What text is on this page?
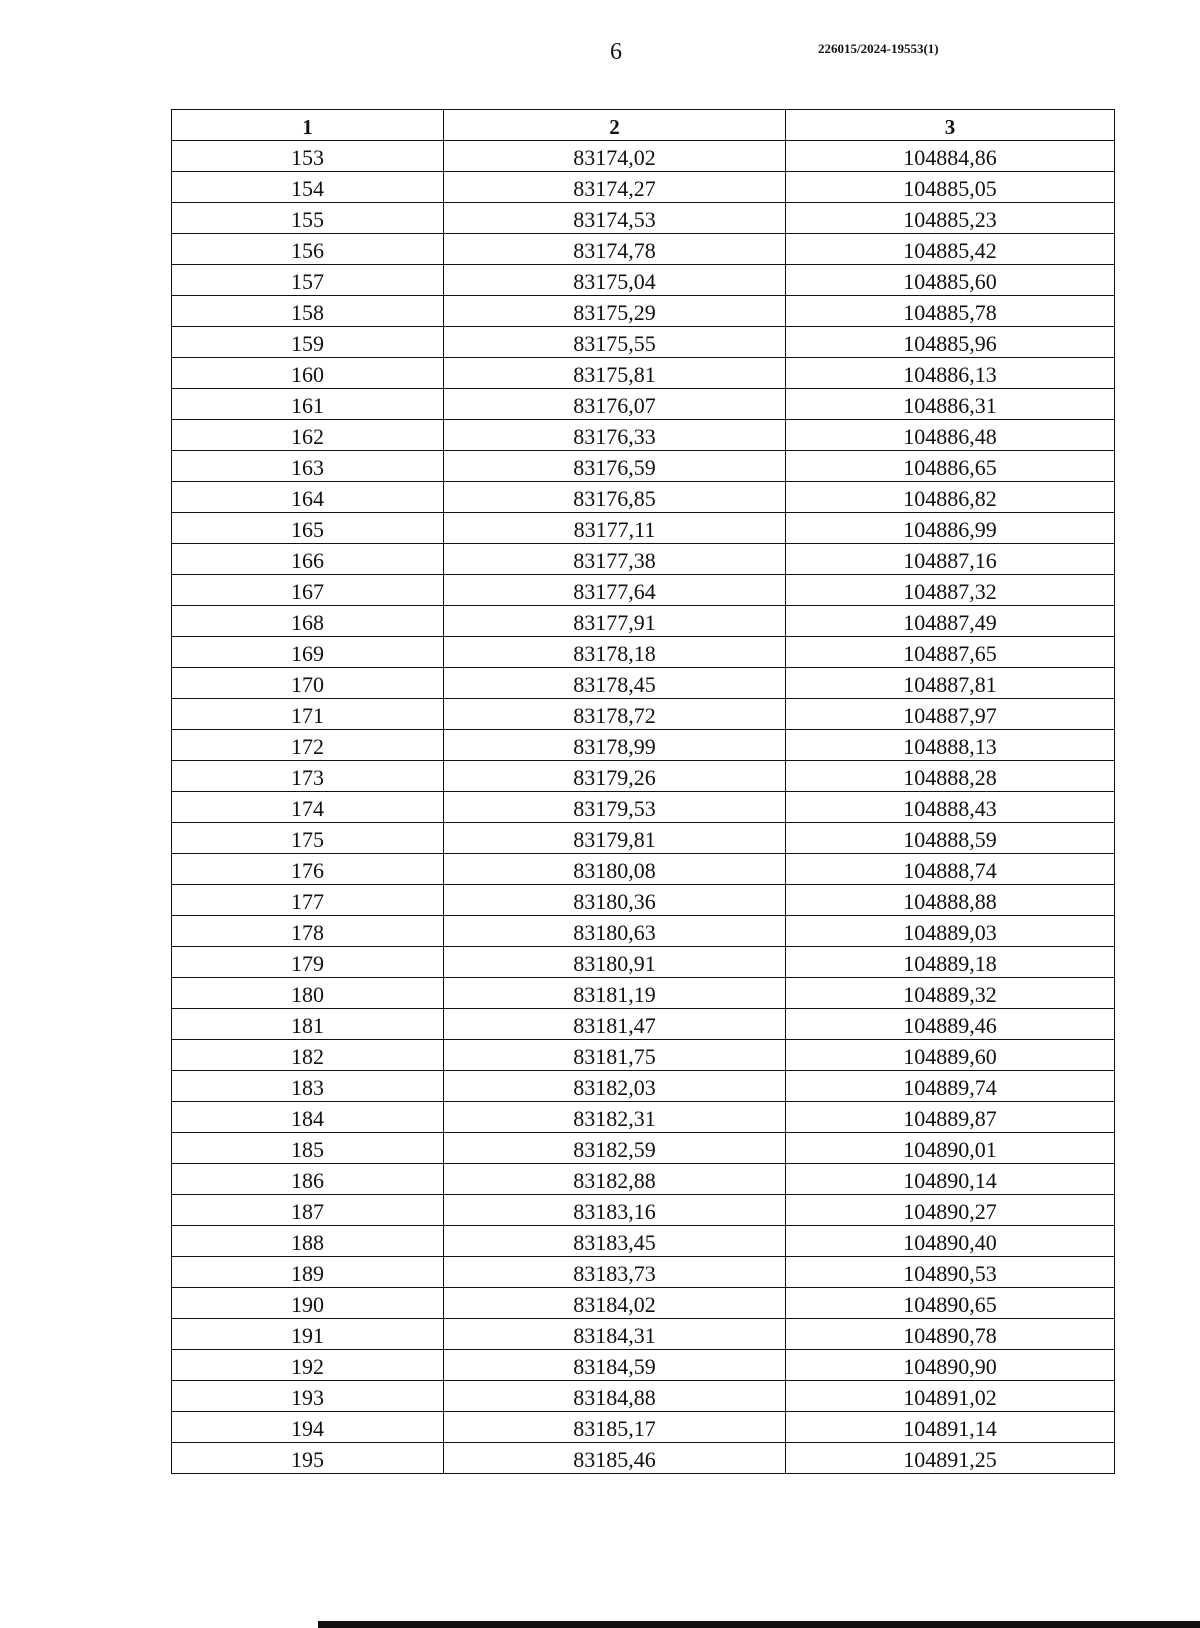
6	226015/2024-19553(1)
1	2	3
153	83174,02	104884,86
154	83174,27	104885,05
155	83174,53	104885,23
156	83174,78	104885,42
157	83175,04	104885,60
158	83175,29	104885,78
159	83175,55	104885,96
160	83175,81	104886,13
161	83176,07	104886,31
162	83176,33	104886,48
163	83176,59	104886,65
164	83176,85	104886,82
165	83177,11	104886,99
166	83177,38	104887,16
167	83177,64	104887,32
168	83177,91	104887,49
169	83178,18	104887,65
170	83178,45	104887,81
171	83178,72	104887,97
172	83178,99	104888,13
173	83179,26	104888,28
174	83179,53	104888,43
175	83179,81	104888,59
176	83180,08	104888,74
177	83180,36	104888,88
178	83180,63	104889,03
179	83180,91	104889,18
180	83181,19	104889,32
181	83181,47	104889,46
182	83181,75	104889,60
183	83182,03	104889,74
184	83182,31	104889,87
185	83182,59	104890,01
186	83182,88	104890,14
187	83183,16	104890,27
188	83183,45	104890,40
189	83183,73	104890,53
190	83184,02	104890,65
191	83184,31	104890,78
192	83184,59	104890,90
193	83184,88	104891,02
194	83185,17	104891,14
195	83185,46	104891,25
